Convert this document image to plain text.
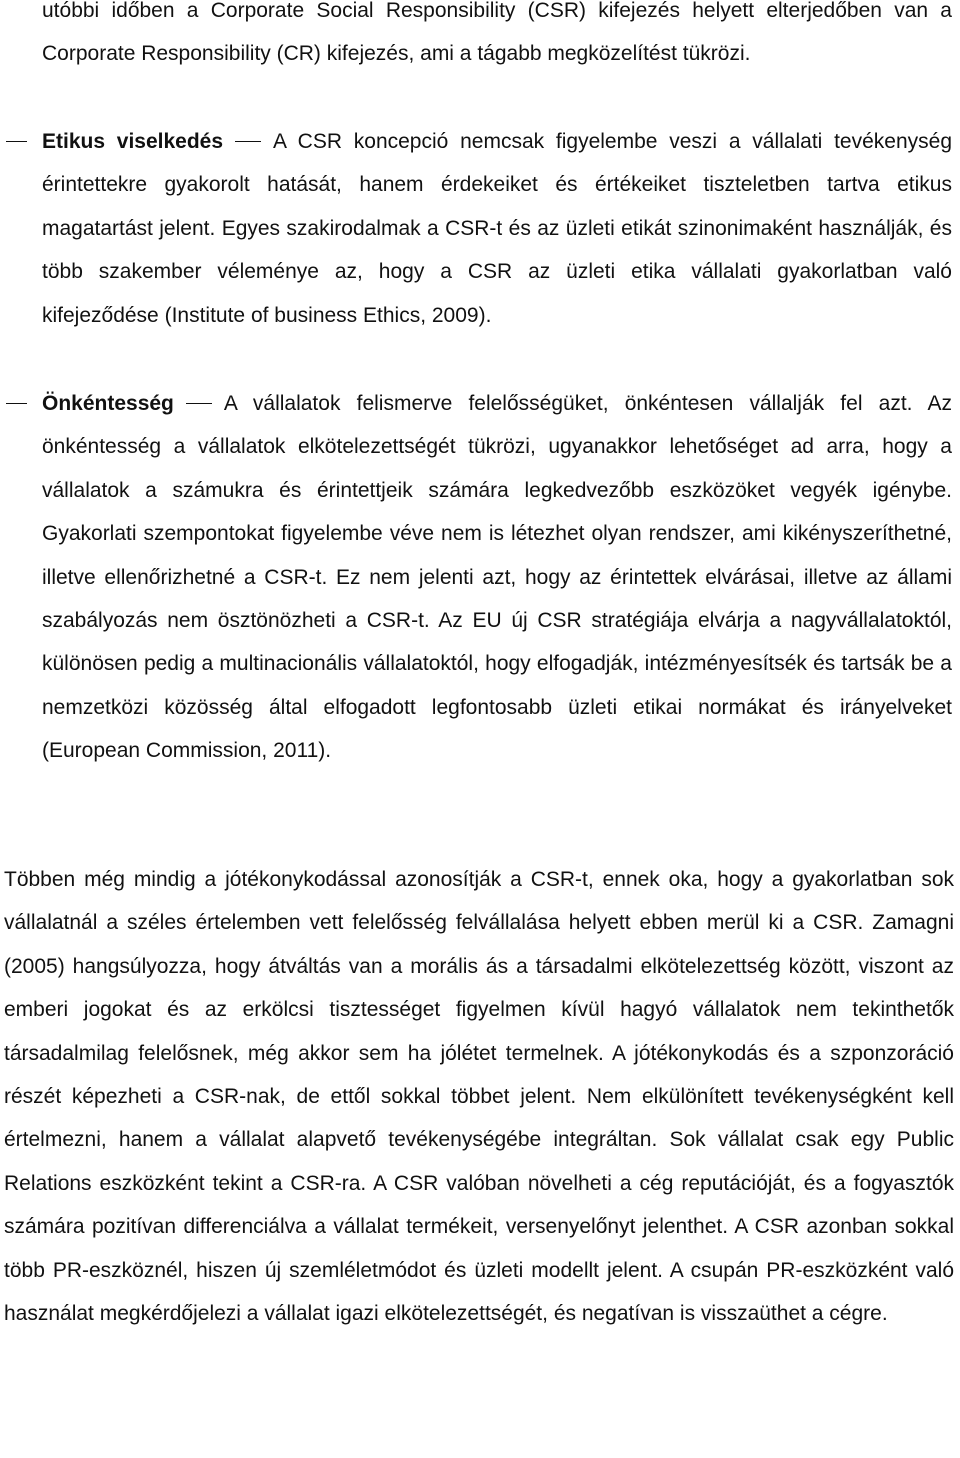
utóbbi időben a Corporate Social Responsibility (CSR) kifejezés helyett elterjedőben van a Corporate Responsibility (CR) kifejezés, ami a tágabb megközelítést tükrözi.

Etikus viselkedés A CSR koncepció nemcsak figyelembe veszi a vállalati tevékenység érintettekre gyakorolt hatását, hanem érdekeiket és értékeiket tiszteletben tartva etikus magatartást jelent. Egyes szakirodalmak a CSR-t és az üzleti etikát szinonimaként használják, és több szakember véleménye az, hogy a CSR az üzleti etika vállalati gyakorlatban való kifejeződése (Institute of business Ethics, 2009).
Önkéntesség A vállalatok felismerve felelősségüket, önkéntesen vállalják fel azt. Az önkéntesség a vállalatok elkötelezettségét tükrözi, ugyanakkor lehetőséget ad arra, hogy a vállalatok a számukra és érintettjeik számára legkedvezőbb eszközöket vegyék igénybe. Gyakorlati szempontokat figyelembe véve nem is létezhet olyan rendszer, ami kikényszeríthetné, illetve ellenőrizhetné a CSR-t. Ez nem jelenti azt, hogy az érintettek elvárásai, illetve az állami szabályozás nem ösztönözheti a CSR-t. Az EU új CSR stratégiája elvárja a nagyvállalatoktól, különösen pedig a multinacionális vállalatoktól, hogy elfogadják, intézményesítsék és tartsák be a nemzetközi közösség által elfogadott legfontosabb üzleti etikai normákat és irányelveket (European Commission, 2011).

Többen még mindig a jótékonykodással azonosítják a CSR-t, ennek oka, hogy a gyakorlatban sok vállalatnál a széles értelemben vett felelősség felvállalása helyett ebben merül ki a CSR. Zamagni (2005) hangsúlyozza, hogy átváltás van a morális ás a társadalmi elkötelezettség között, viszont az emberi jogokat és az erkölcsi tisztességet figyelmen kívül hagyó vállalatok nem tekinthetők társadalmilag felelősnek, még akkor sem ha jólétet termelnek. A jótékonykodás és a szponzoráció részét képezheti a CSR-nak, de ettől sokkal többet jelent. Nem elkülönített tevékenységként kell értelmezni, hanem a vállalat alapvető tevékenységébe integráltan. Sok vállalat csak egy Public Relations eszközként tekint a CSR-ra. A CSR valóban növelheti a cég reputációját, és a fogyasztók számára pozitívan differenciálva a vállalat termékeit, versenyelőnyt jelenthet. A CSR azonban sokkal több PR-eszköznél, hiszen új szemléletmódot és üzleti modellt jelent. A csupán PR-eszközként való használat megkérdőjelezi a vállalat igazi elkötelezettségét, és negatívan is visszaüthet a cégre.
